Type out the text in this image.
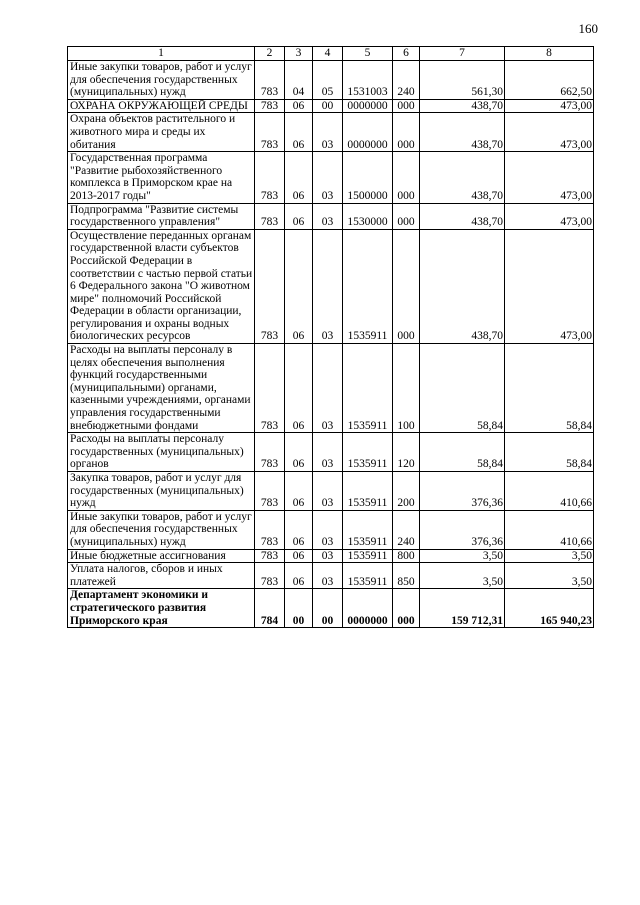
160
1	2	3	4	5	6	7	8
Иные закупки товаров, работ и услуг для обеспечения государственных (муниципальных) нужд	783	04	05	1531003	240	561,30	662,50
ОХРАНА ОКРУЖАЮЩЕЙ СРЕДЫ	783	06	00	0000000	000	438,70	473,00
Охрана объектов растительного и животного мира и среды их обитания	783	06	03	0000000	000	438,70	473,00
Государственная программа "Развитие рыбохозяйственного комплекса в Приморском крае на 2013-2017 годы"	783	06	03	1500000	000	438,70	473,00
Подпрограмма "Развитие системы государственного управления"	783	06	03	1530000	000	438,70	473,00
Осуществление переданных органам государственной власти субъектов Российской Федерации в соответствии с частью первой статьи 6 Федерального закона "О животном мире" полномочий Российской Федерации в области организации, регулирования и охраны водных биологических ресурсов	783	06	03	1535911	000	438,70	473,00
Расходы на выплаты персоналу в целях обеспечения выполнения функций государственными (муниципальными) органами, казенными учреждениями, органами управления государственными внебюджетными фондами	783	06	03	1535911	100	58,84	58,84
Расходы на выплаты персоналу государственных (муниципальных) органов	783	06	03	1535911	120	58,84	58,84
Закупка товаров, работ и услуг для государственных (муниципальных) нужд	783	06	03	1535911	200	376,36	410,66
Иные закупки товаров, работ и услуг для обеспечения государственных (муниципальных) нужд	783	06	03	1535911	240	376,36	410,66
Иные бюджетные ассигнования	783	06	03	1535911	800	3,50	3,50
Уплата налогов, сборов и иных платежей	783	06	03	1535911	850	3,50	3,50
Департамент экономики и стратегического развития Приморского края	784	00	00	0000000	000	159 712,31	165 940,23
